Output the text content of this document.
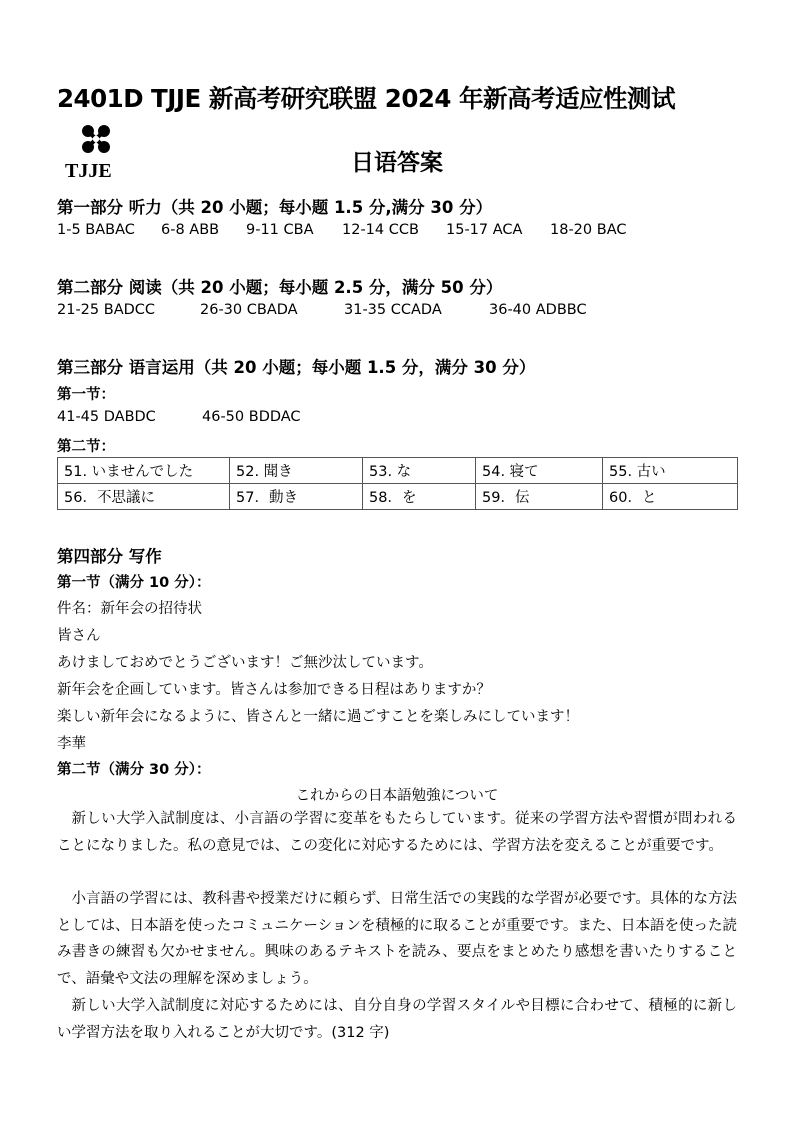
2401D TJJE 新高考研究联盟 2024 年新高考适应性测试
TJJE	日语答案
第一部分 听力（共 20 小题；每小题 1.5 分,满分 30 分）
1-5 BABAC 6-8 ABB 9-11 CBA 12-14 CCB 15-17 ACA 18-20 BAC
第二部分 阅读（共 20 小题；每小题 2.5 分，满分 50 分）
21-25 BADCC	26-30 CBADA	31-35 CCADA	36-40 ADBBC
第三部分 语言运用（共 20 小题；每小题 1.5 分，满分 30 分）
第一节：
41-45 DABDC	46-50 BDDAC
第二节：
51. いませんでした	52. 聞き	53. な	54. 寝て	55. 古い
56．不思議に	57．動き	58．を	59．伝	60．と
第四部分 写作
第一节（满分 10 分）：
件名：新年会の招待状
皆さん
あけましておめでとうございます！ご無沙汰しています。
新年会を企画しています。皆さんは参加できる日程はありますか？
楽しい新年会になるように、皆さんと一緒に過ごすことを楽しみにしています！
李華
第二节（满分 30 分）：
これからの日本語勉強について
新しい大学入試制度は、小言語の学習に変革をもたらしています。従来の学習方法や習慣が問われることになりました。私の意見では、この変化に対応するためには、学習方法を変えることが重要です。
小言語の学習には、教科書や授業だけに頼らず、日常生活での実践的な学習が必要です。具体的な方法としては、日本語を使ったコミュニケーションを積極的に取ることが重要です。また、日本語を使った読み書きの練習も欠かせません。興味のあるテキストを読み、要点をまとめたり感想を書いたりすることで、語彙や文法の理解を深めましょう。
新しい大学入試制度に対応するためには、自分自身の学習スタイルや目標に合わせて、積極的に新しい学習方法を取り入れることが大切です。(312 字)
